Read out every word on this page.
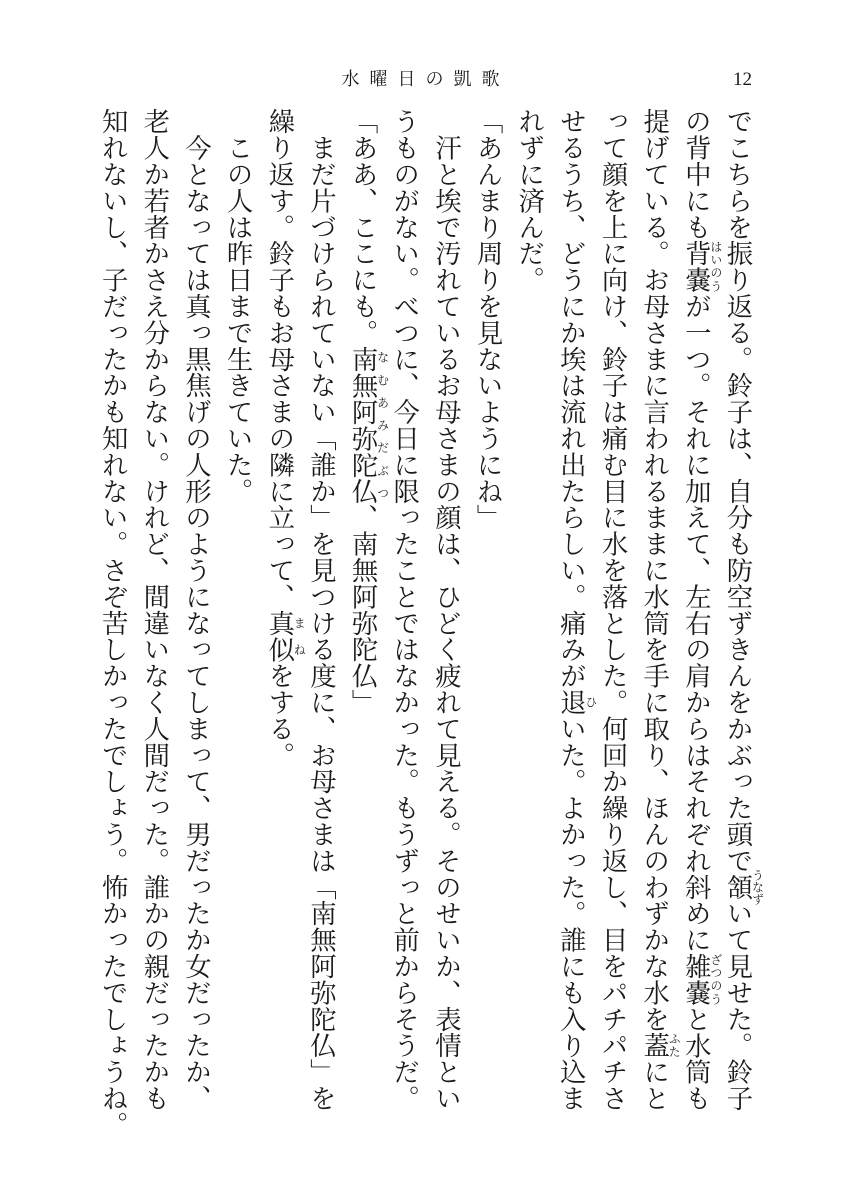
水曜日の凱歌	12
でこちらを振り返る。鈴子は、自分も防空ずきんをかぶった頭で頷
うなず
いて見せた。鈴子
の背中にも背嚢
はいのう
が一つ。それに加えて、左右の肩からはそれぞれ斜めに雑嚢
ざつのう
と水筒も
提げている。お母さまに言われるままに水筒を手に取り、ほんのわずかな水を蓋
ふた
にと
って顔を上に向け、鈴子は痛む目に水を落とした。何回か繰り返し、目をパチパチさ
せるうち、どうにか埃は流れ出たらしい。痛みが退
ひ
いた。よかった。誰にも入り込ま
れずに済んだ。
「あんまり周りを見ないようにね」
　汗と埃で汚れているお母さまの顔は、ひどく疲れて見える。そのせいか、表情とい
うものがない。べつに、今日に限ったことではなかった。もうずっと前からそうだ。
「ああ、ここにも。南無阿弥陀仏
なむあみだぶつ
、南無阿弥陀仏」
　まだ片づけられていない「誰か」を見つける度に、お母さまは「南無阿弥陀仏」を
繰り返す。鈴子もお母さまの隣に立って、真似
まね
をする。
　この人は昨日まで生きていた。
　今となっては真っ黒焦げの人形のようになってしまって、男だったか女だったか、
老人か若者かさえ分からない。けれど、間違いなく人間だった。誰かの親だったかも
知れないし、子だったかも知れない。さぞ苦しかったでしょう。怖かったでしょうね。
